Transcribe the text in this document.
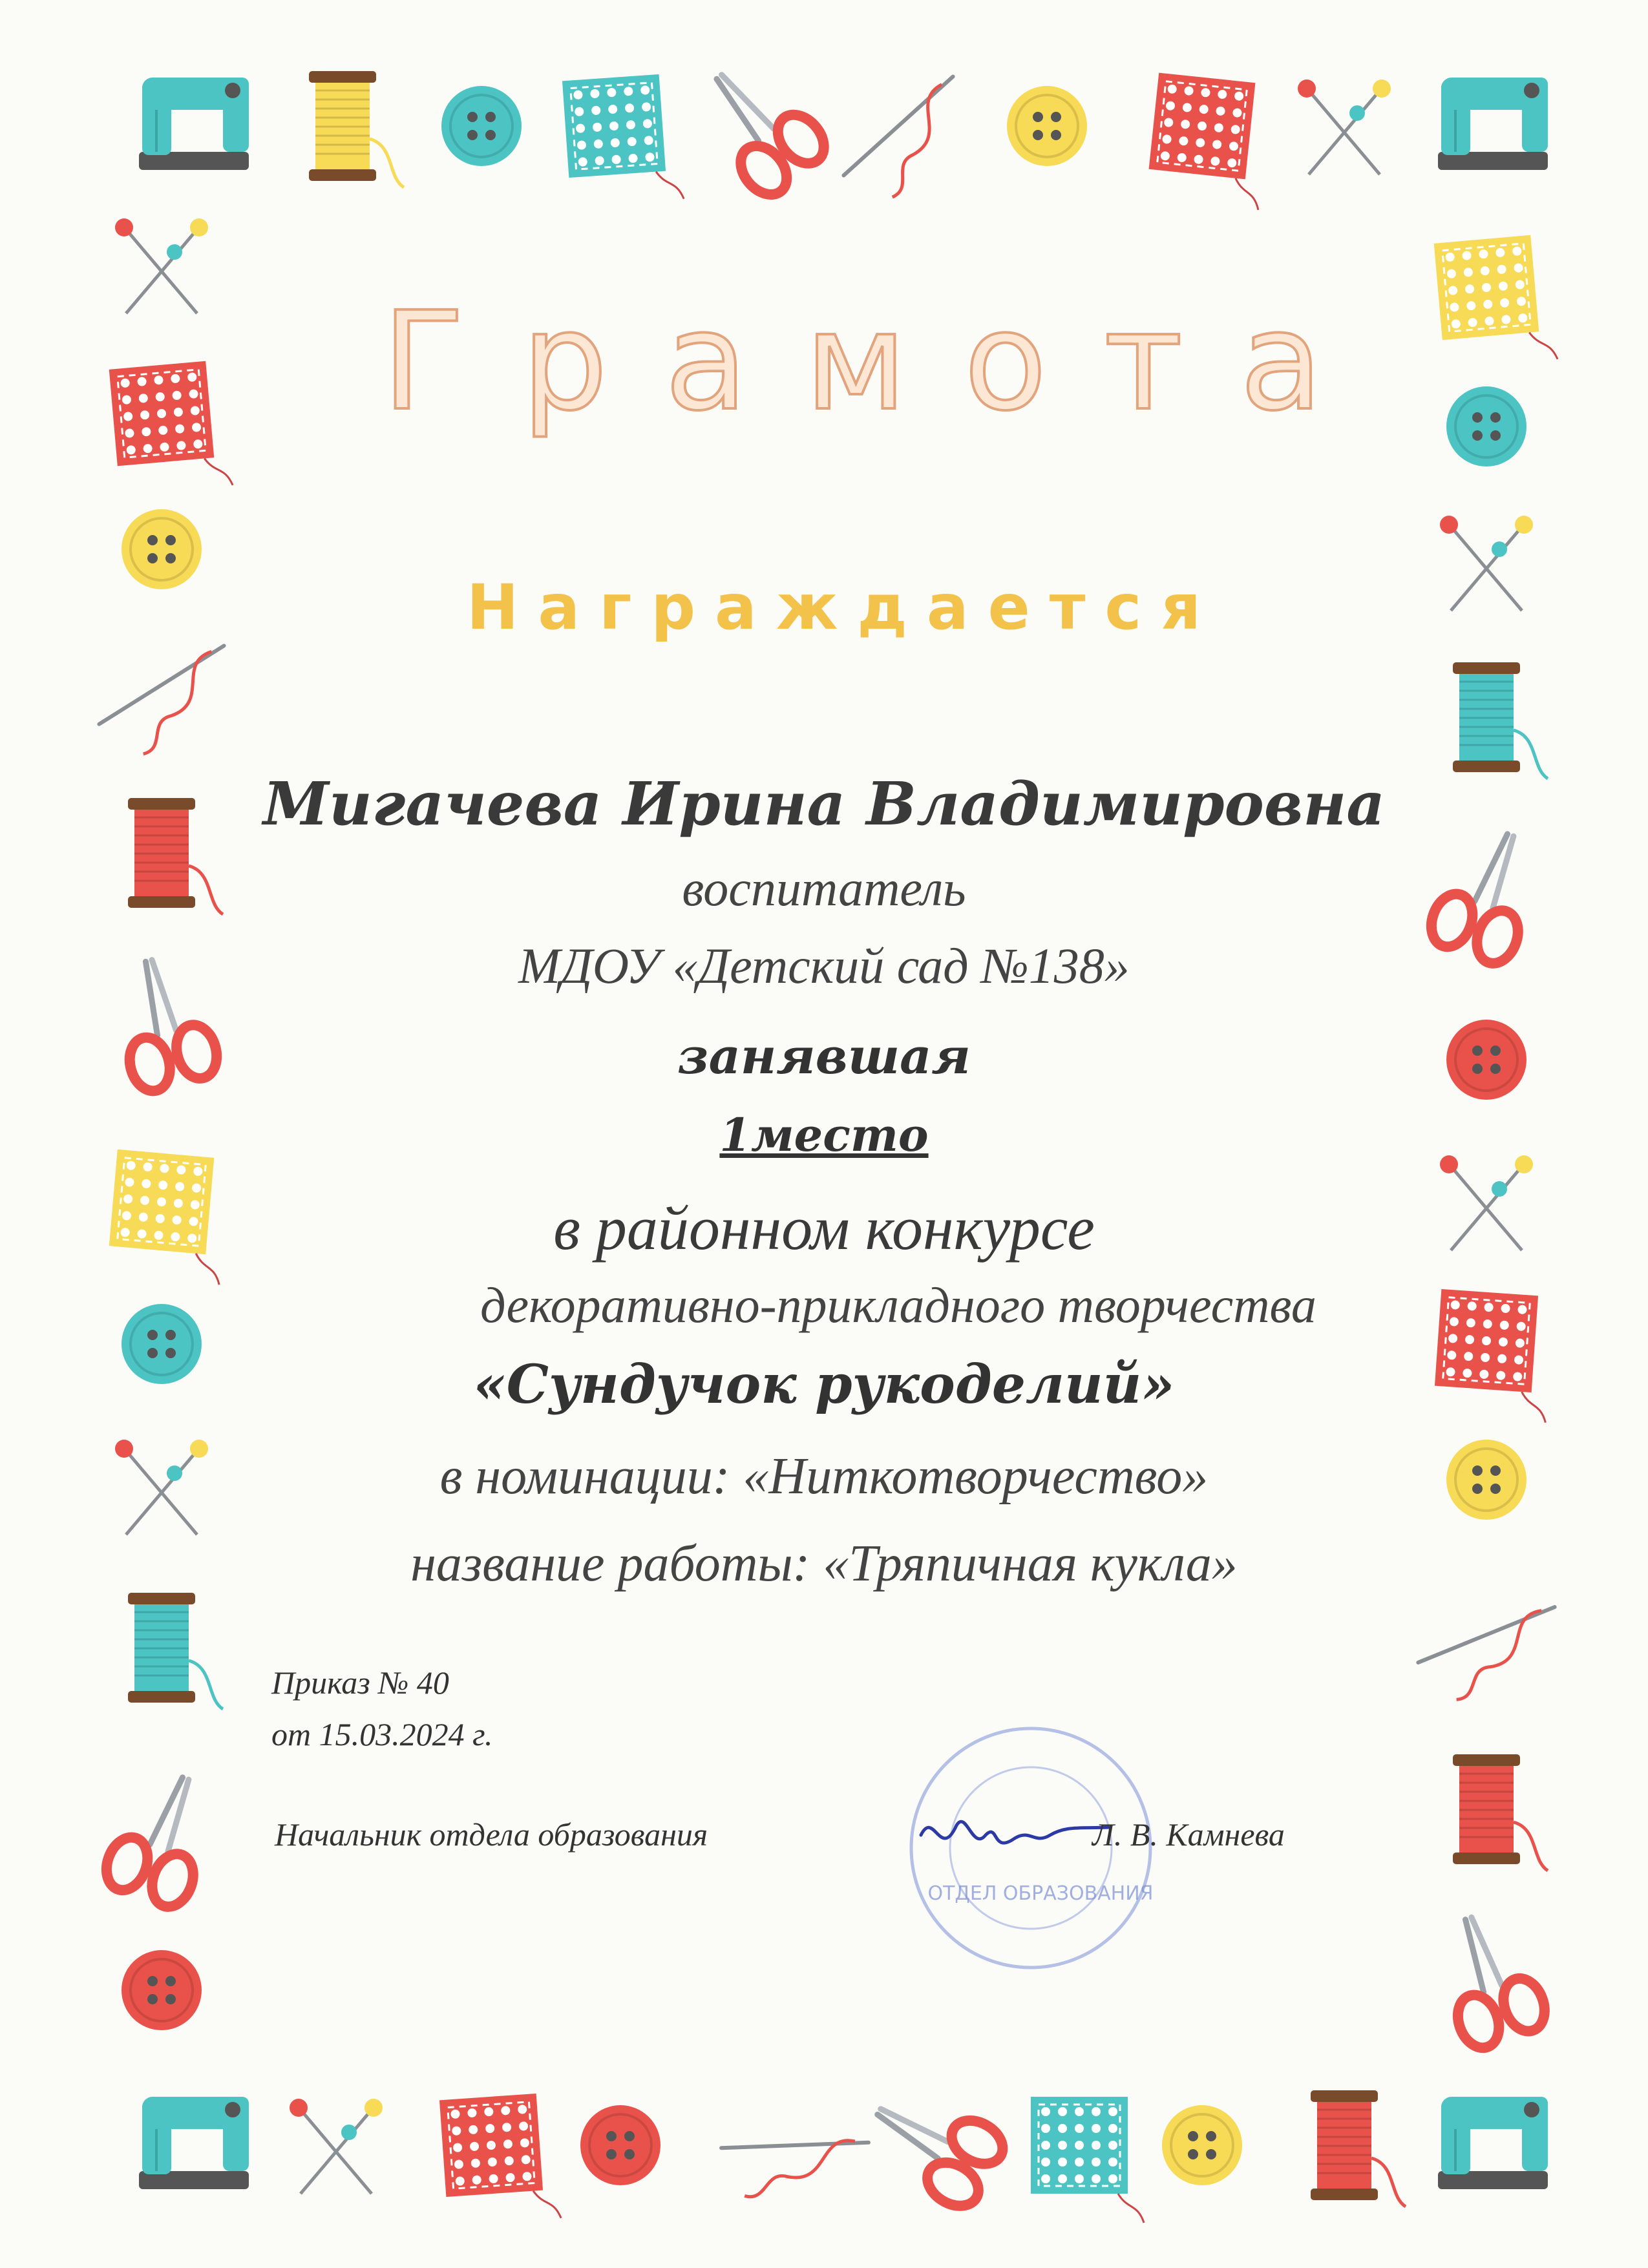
Грамота

Награждается

Мигачева Ирина Владимировна

воспитатель

МДОУ «Детский сад №138»

занявшая

1место

в районном конкурсе

декоративно-прикладного творчества

«Сундучок рукоделий»

в номинации: «Ниткотворчество»

название работы: «Тряпичная кукла»

Приказ № 40

от 15.03.2024 г.

Начальник отдела образования

ОТДЕЛ ОБРАЗОВАНИЯ

Л. В. Камнева
